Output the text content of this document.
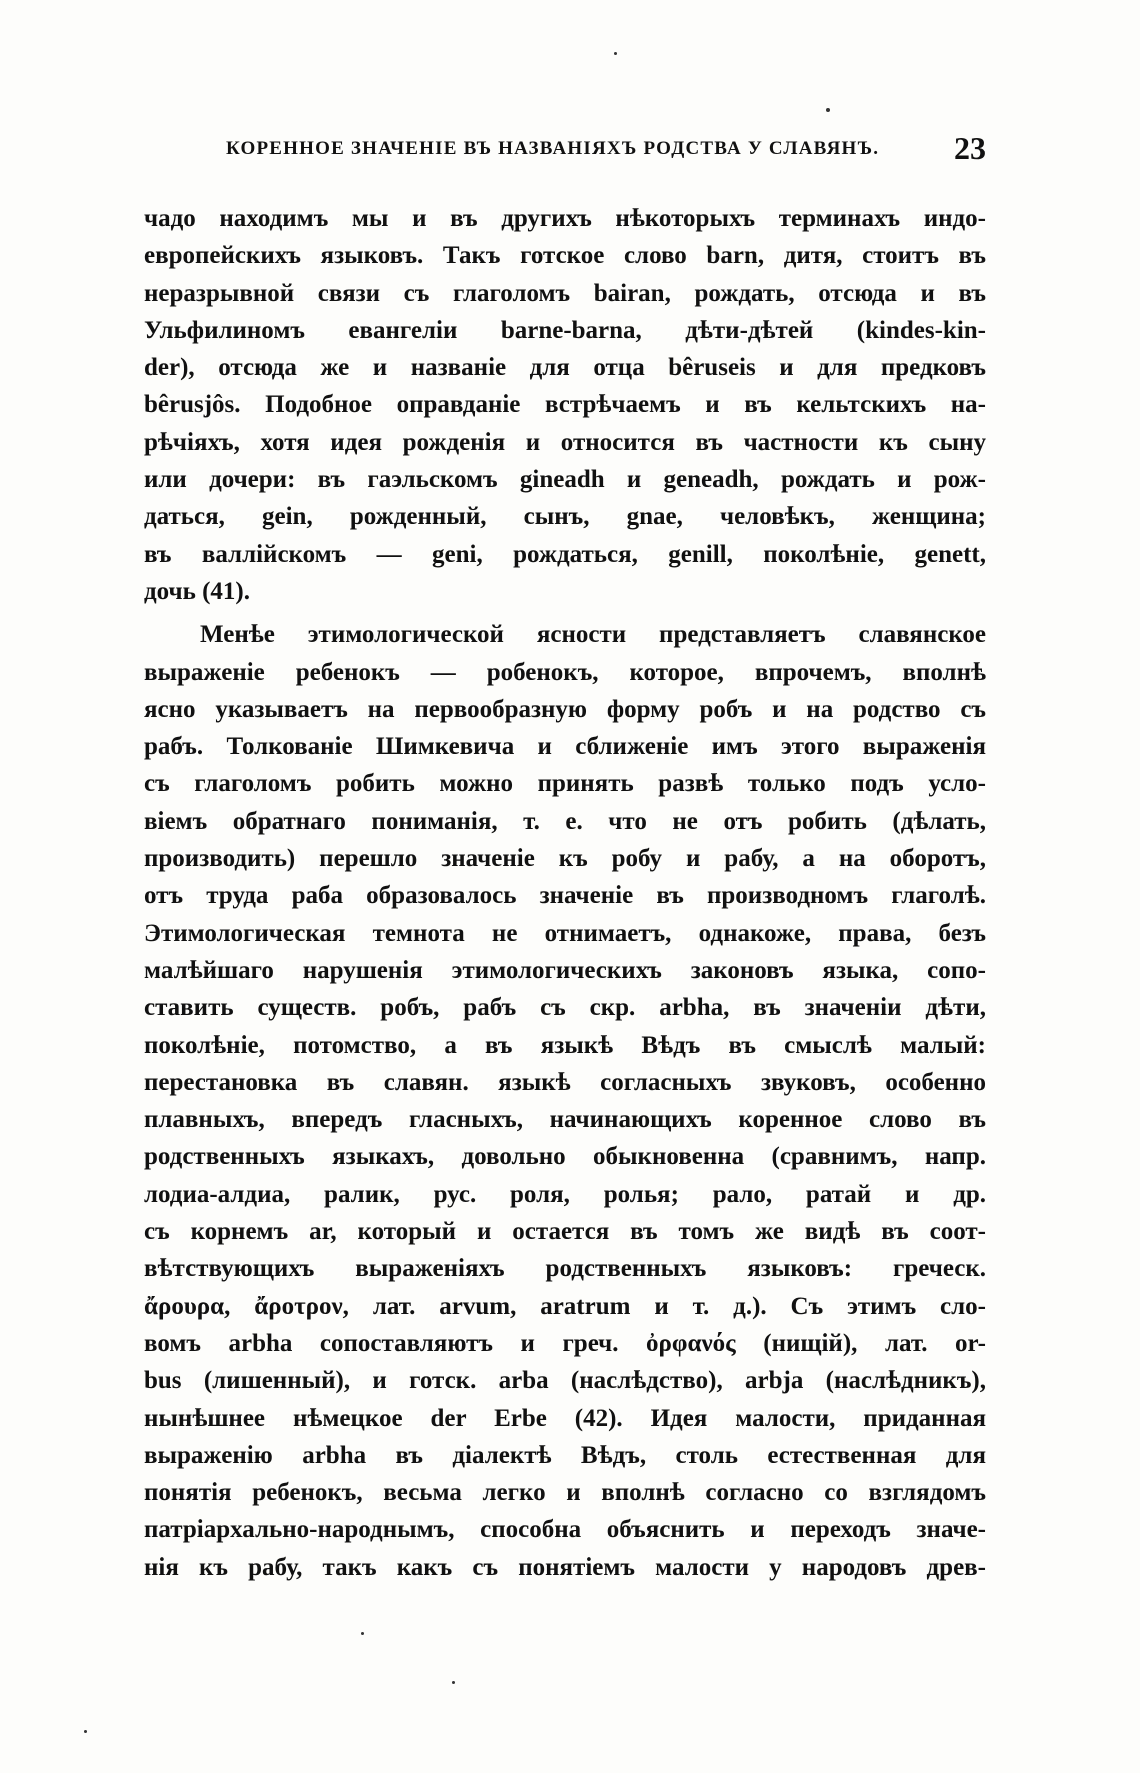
КОРЕННОЕ ЗНАЧЕНІЕ ВЪ НАЗВАНІЯХЪ РОДСТВА У СЛАВЯНЪ. 23
чадо находимъ мы и въ другихъ нѣкоторыхъ терминахъ индо-
европейскихъ языковъ. Такъ готское слово barn, дитя, стоитъ въ
неразрывной связи съ глаголомъ bairan, рождать, отсюда и въ
Ульфилиномъ евангеліи barne-barna, дѣти-дѣтей (kindes-kin-
der), отсюда же и названіе для отца bêruseis и для предковъ
bêrusjôs. Подобное оправданіе встрѣчаемъ и въ кельтскихъ на-
рѣчіяхъ, хотя идея рожденія и относится въ частности къ сыну
или дочери: въ гаэльскомъ gineadh и geneadh, рождать и рож-
даться, gein, рожденный, сынъ, gnae, человѣкъ, женщина;
въ валлійскомъ — geni, рождаться, genill, поколѣніе, genett,
дочь (41).
Менѣе этимологической ясности представляетъ славянское
выраженіе ребенокъ — робенокъ, которое, впрочемъ, вполнѣ
ясно указываетъ на первообразную форму робъ и на родство съ
рабъ. Толкованіе Шимкевича и сближеніе имъ этого выраженія
съ глаголомъ робить можно принять развѣ только подъ усло-
віемъ обратнаго пониманія, т. е. что не отъ робить (дѣлать,
производить) перешло значеніе къ робу и рабу, а на оборотъ,
отъ труда раба образовалось значеніе въ производномъ глаголѣ.
Этимологическая темнота не отнимаетъ, однакоже, права, безъ
малѣйшаго нарушенія этимологическихъ законовъ языка, сопо-
ставить существ. робъ, рабъ съ скр. arbha, въ значеніи дѣти,
поколѣніе, потомство, а въ языкѣ Вѣдъ въ смыслѣ малый:
перестановка въ славян. языкѣ согласныхъ звуковъ, особенно
плавныхъ, впередъ гласныхъ, начинающихъ коренное слово въ
родственныхъ языкахъ, довольно обыкновенна (сравнимъ, напр.
лодиа-алдиа, ралик, рус. роля, ролья; рало, ратай и др.
съ корнемъ ar, который и остается въ томъ же видѣ въ соот-
вѣтствующихъ выраженіяхъ родственныхъ языковъ: греческ.
ἄρουρα, ἄροτρον, лат. arvum, aratrum и т. д.). Съ этимъ сло-
вомъ arbha сопоставляютъ и греч. ὀρφανός (нищій), лат. or-
bus (лишенный), и готск. arba (наслѣдство), arbja (наслѣдникъ),
нынѣшнее нѣмецкое der Erbe (42). Идея малости, приданная
выраженію arbha въ діалектѣ Вѣдъ, столь естественная для
понятія ребенокъ, весьма легко и вполнѣ согласно со взглядомъ
патріархально-народнымъ, способна объяснить и переходъ значе-
нія къ рабу, такъ какъ съ понятіемъ малости у народовъ древ-
